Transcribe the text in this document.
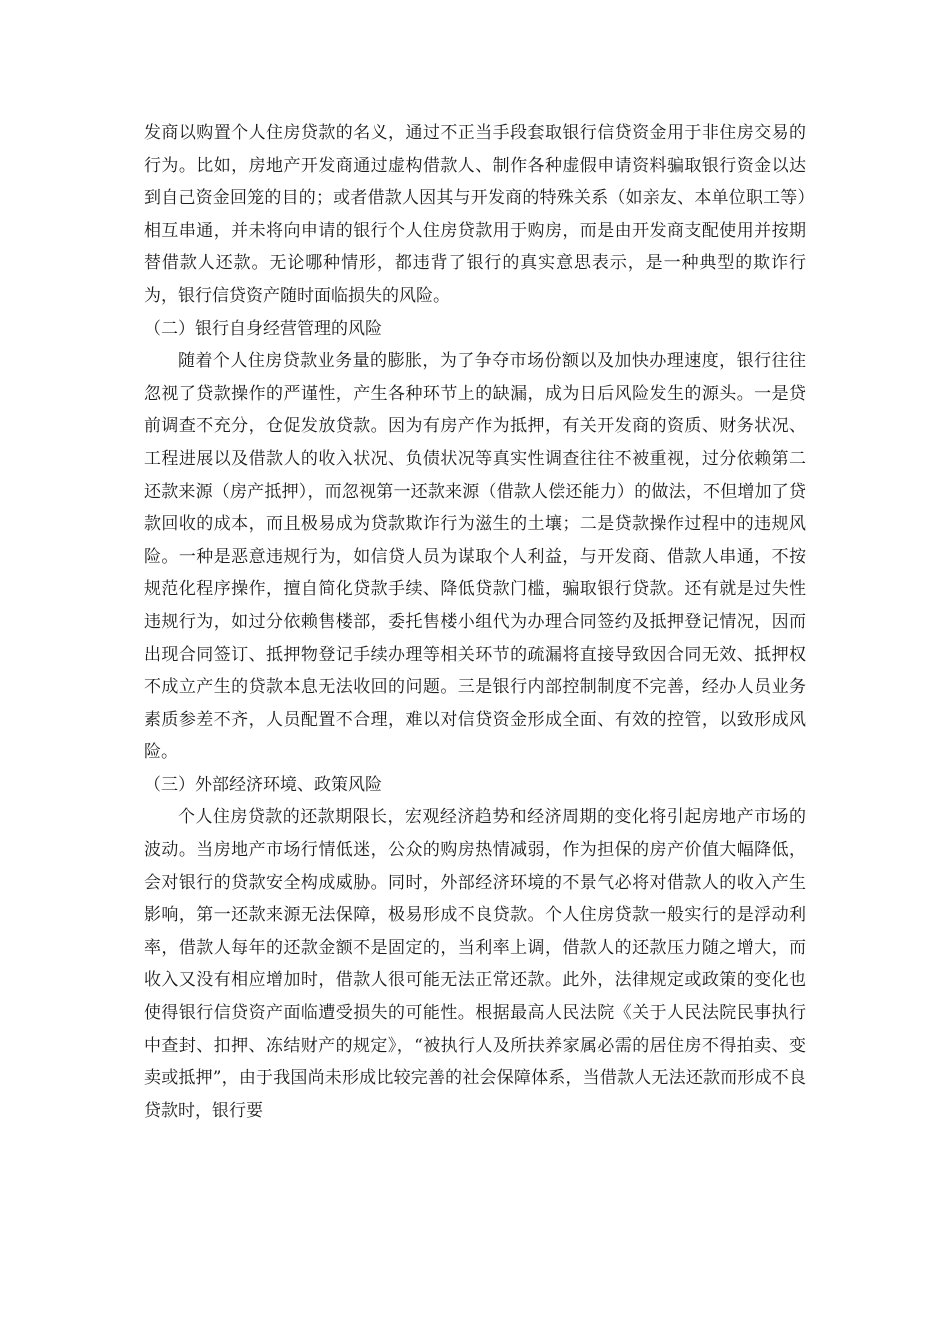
发商以购置个人住房贷款的名义，通过不正当手段套取银行信贷资金用于非住房交易的行为。比如，房地产开发商通过虚构借款人、制作各种虚假申请资料骗取银行资金以达到自己资金回笼的目的；或者借款人因其与开发商的特殊关系（如亲友、本单位职工等）相互串通，并未将向申请的银行个人住房贷款用于购房，而是由开发商支配使用并按期替借款人还款。无论哪种情形，都违背了银行的真实意思表示，是一种典型的欺诈行为，银行信贷资产随时面临损失的风险。

（二）银行自身经营管理的风险

随着个人住房贷款业务量的膨胀，为了争夺市场份额以及加快办理速度，银行往往忽视了贷款操作的严谨性，产生各种环节上的缺漏，成为日后风险发生的源头。一是贷前调查不充分，仓促发放贷款。因为有房产作为抵押，有关开发商的资质、财务状况、工程进展以及借款人的收入状况、负债状况等真实性调查往往不被重视，过分依赖第二还款来源（房产抵押），而忽视第一还款来源（借款人偿还能力）的做法，不但增加了贷款回收的成本，而且极易成为贷款欺诈行为滋生的土壤；二是贷款操作过程中的违规风险。一种是恶意违规行为，如信贷人员为谋取个人利益，与开发商、借款人串通，不按规范化程序操作，擅自简化贷款手续、降低贷款门槛，骗取银行贷款。还有就是过失性违规行为，如过分依赖售楼部，委托售楼小组代为办理合同签约及抵押登记情况，因而出现合同签订、抵押物登记手续办理等相关环节的疏漏将直接导致因合同无效、抵押权不成立产生的贷款本息无法收回的问题。三是银行内部控制制度不完善，经办人员业务素质参差不齐，人员配置不合理，难以对信贷资金形成全面、有效的控管，以致形成风险。

（三）外部经济环境、政策风险

个人住房贷款的还款期限长，宏观经济趋势和经济周期的变化将引起房地产市场的波动。当房地产市场行情低迷，公众的购房热情减弱，作为担保的房产价值大幅降低，会对银行的贷款安全构成威胁。同时，外部经济环境的不景气必将对借款人的收入产生影响，第一还款来源无法保障，极易形成不良贷款。个人住房贷款一般实行的是浮动利率，借款人每年的还款金额不是固定的，当利率上调，借款人的还款压力随之增大，而收入又没有相应增加时，借款人很可能无法正常还款。此外，法律规定或政策的变化也使得银行信贷资产面临遭受损失的可能性。根据最高人民法院《关于人民法院民事执行中查封、扣押、冻结财产的规定》，“被执行人及所扶养家属必需的居住房不得拍卖、变卖或抵押”，由于我国尚未形成比较完善的社会保障体系，当借款人无法还款而形成不良贷款时，银行要
